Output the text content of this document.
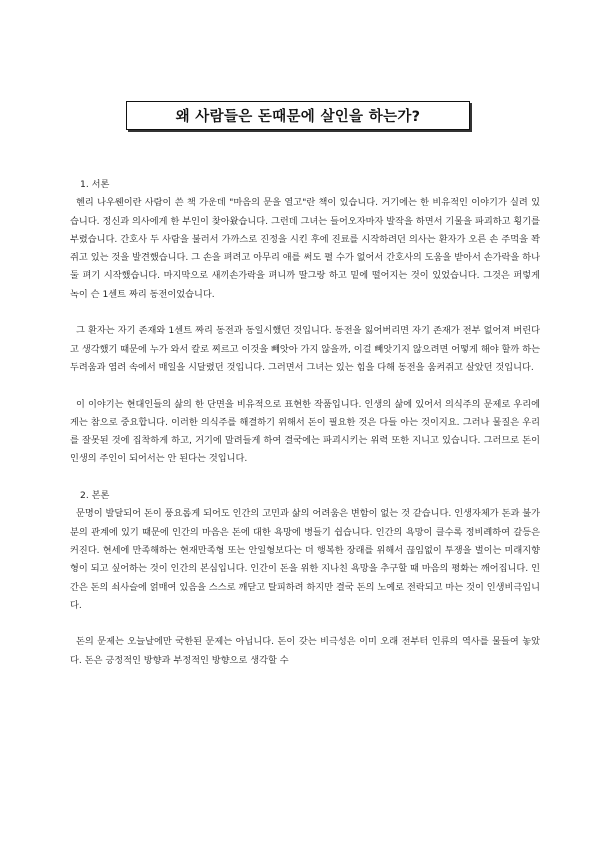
왜 사람들은 돈때문에 살인을 하는가?
1. 서론

헨리 나우웬이란 사람이 쓴 책 가운데 "마음의 문을 열고"란 책이 있습니다. 거기에는 한 비유적인 이야기가 실려 있습니다. 정신과 의사에게 한 부인이 찾아왔습니다. 그런데 그녀는 들어오자마자 발작을 하면서 기물을 파괴하고 횡기를 부렸습니다. 간호사 두 사람을 불러서 가까스로 진정을 시킨 후에 진료를 시작하려던 의사는 환자가 오른 손 주먹을 꽉 쥐고 있는 것을 발견했습니다. 그 손을 펴려고 아무리 애를 써도 펼 수가 없어서 간호사의 도움을 받아서 손가락을 하나 둘 펴기 시작했습니다. 마지막으로 새끼손가락을 펴니까 딸그랑 하고 밑에 떨어지는 것이 있었습니다. 그것은 퍼렇게 녹이 슨 1센트 짜리 동전이었습니다.

그 환자는 자기 존재와 1센트 짜리 동전과 동일시했던 것입니다. 동전을 잃어버리면 자기 존재가 전부 없어져 버린다고 생각했기 때문에 누가 와서 칼로 찌르고 이것을 빼앗아 가지 않을까, 이걸 빼앗기지 않으려면 어떻게 해야 할까 하는 두려움과 염려 속에서 매일을 시달렸던 것입니다. 그러면서 그녀는 있는 힘을 다해 동전을 움켜쥐고 살았던 것입니다.

이 이야기는 현대인들의 삶의 한 단면을 비유적으로 표현한 작품입니다. 인생의 삶에 있어서 의식주의 문제로 우리에게는 참으로 중요합니다. 이러한 의식주를 해결하기 위해서 돈이 필요한 것은 다들 아는 것이지요. 그러나 물질은 우리를 잘못된 것에 집착하게 하고, 거기에 말려들게 하여 결국에는 파괴시키는 위력 또한 지니고 있습니다. 그러므로 돈이 인생의 주인이 되어서는 안 된다는 것입니다.

2. 본론

문명이 발달되어 돈이 풍요롭게 되어도 인간의 고민과 삶의 어려움은 변함이 없는 것 같습니다. 인생자체가 돈과 불가분의 관계에 있기 때문에 인간의 마음은 돈에 대한 욕망에 병들기 쉽습니다. 인간의 욕망이 클수록 정비례하여 갈등은 커진다. 현세에 만족해하는 현재만족형 또는 안일형보다는 더 행복한 장래를 위해서 끊임없이 투쟁을 벌이는 미래지향형이 되고 싶어하는 것이 인간의 본심입니다. 인간이 돈을 위한 지나친 욕망을 추구할 때 마음의 평화는 깨어집니다. 인간은 돈의 쇠사슬에 얽매여 있음을 스스로 깨닫고 탈피하려 하지만 결국 돈의 노예로 전락되고 마는 것이 인생비극입니다.

돈의 문제는 오늘날에만 국한된 문제는 아닙니다. 돈이 갖는 비극성은 이미 오래 전부터 인류의 역사를 물들여 놓았다. 돈은 긍정적인 방향과 부정적인 방향으로 생각할 수
